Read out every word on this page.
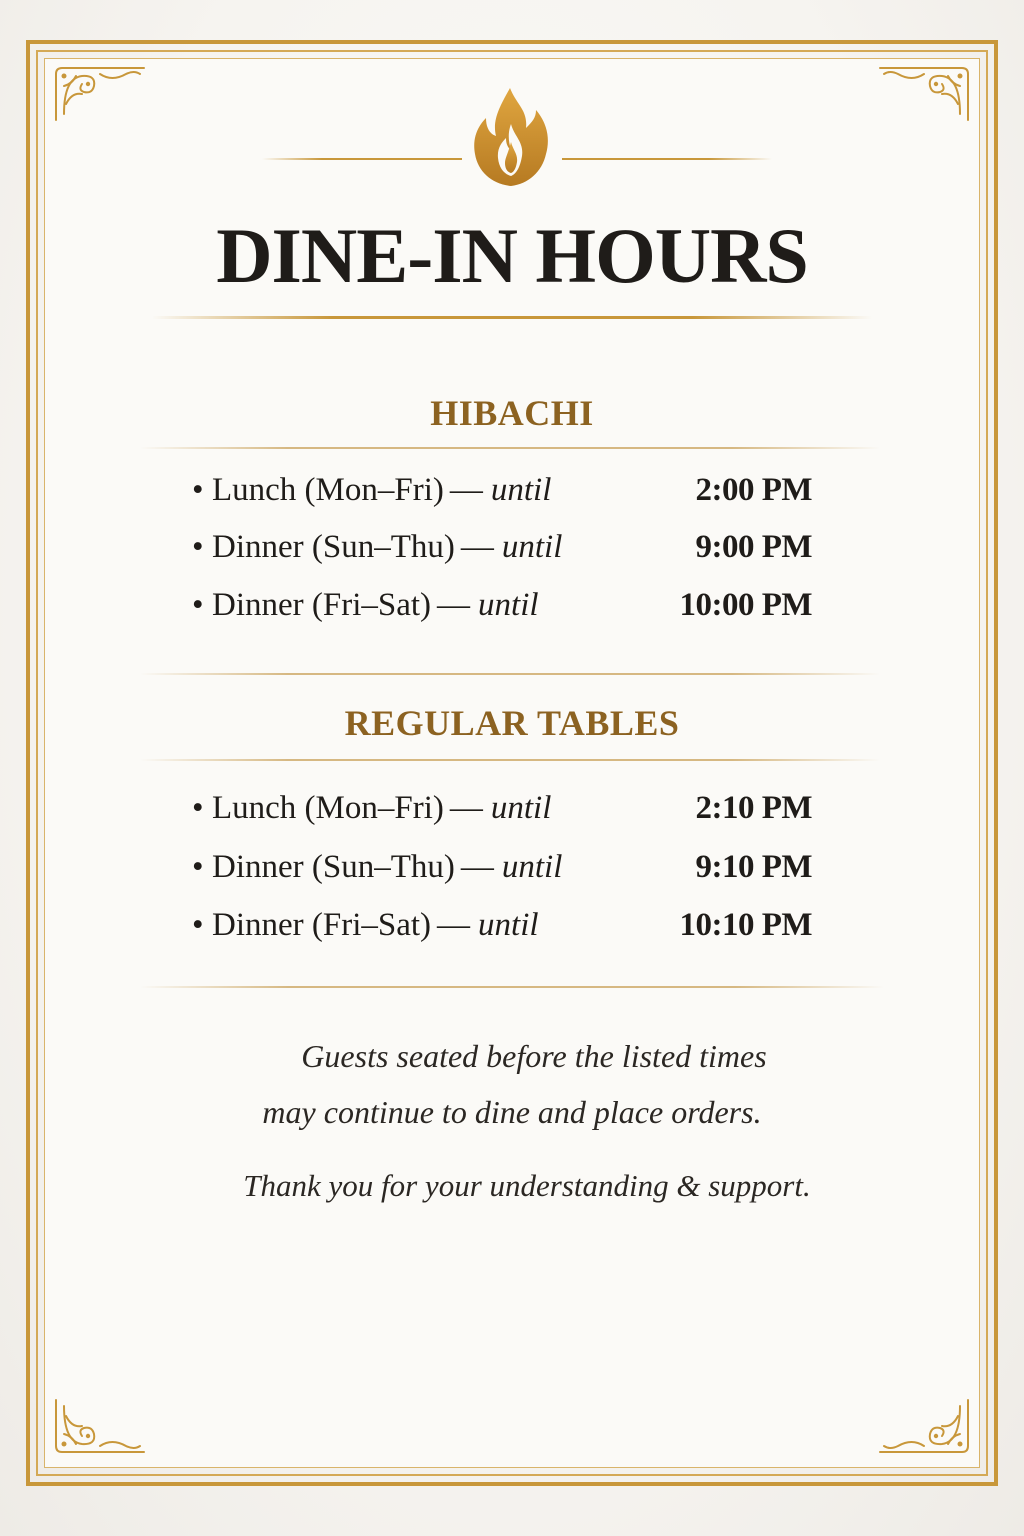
DINE-IN HOURS
HIBACHI
• Lunch (Mon–Fri) — until	2:00 PM
• Dinner (Sun–Thu) — until	9:00 PM
• Dinner (Fri–Sat) — until	10:00 PM
REGULAR TABLES
• Lunch (Mon–Fri) — until	2:10 PM
• Dinner (Sun–Thu) — until	9:10 PM
• Dinner (Fri–Sat) — until	10:10 PM
Guests seated before the listed times
may continue to dine and place orders.
Thank you for your understanding & support.
